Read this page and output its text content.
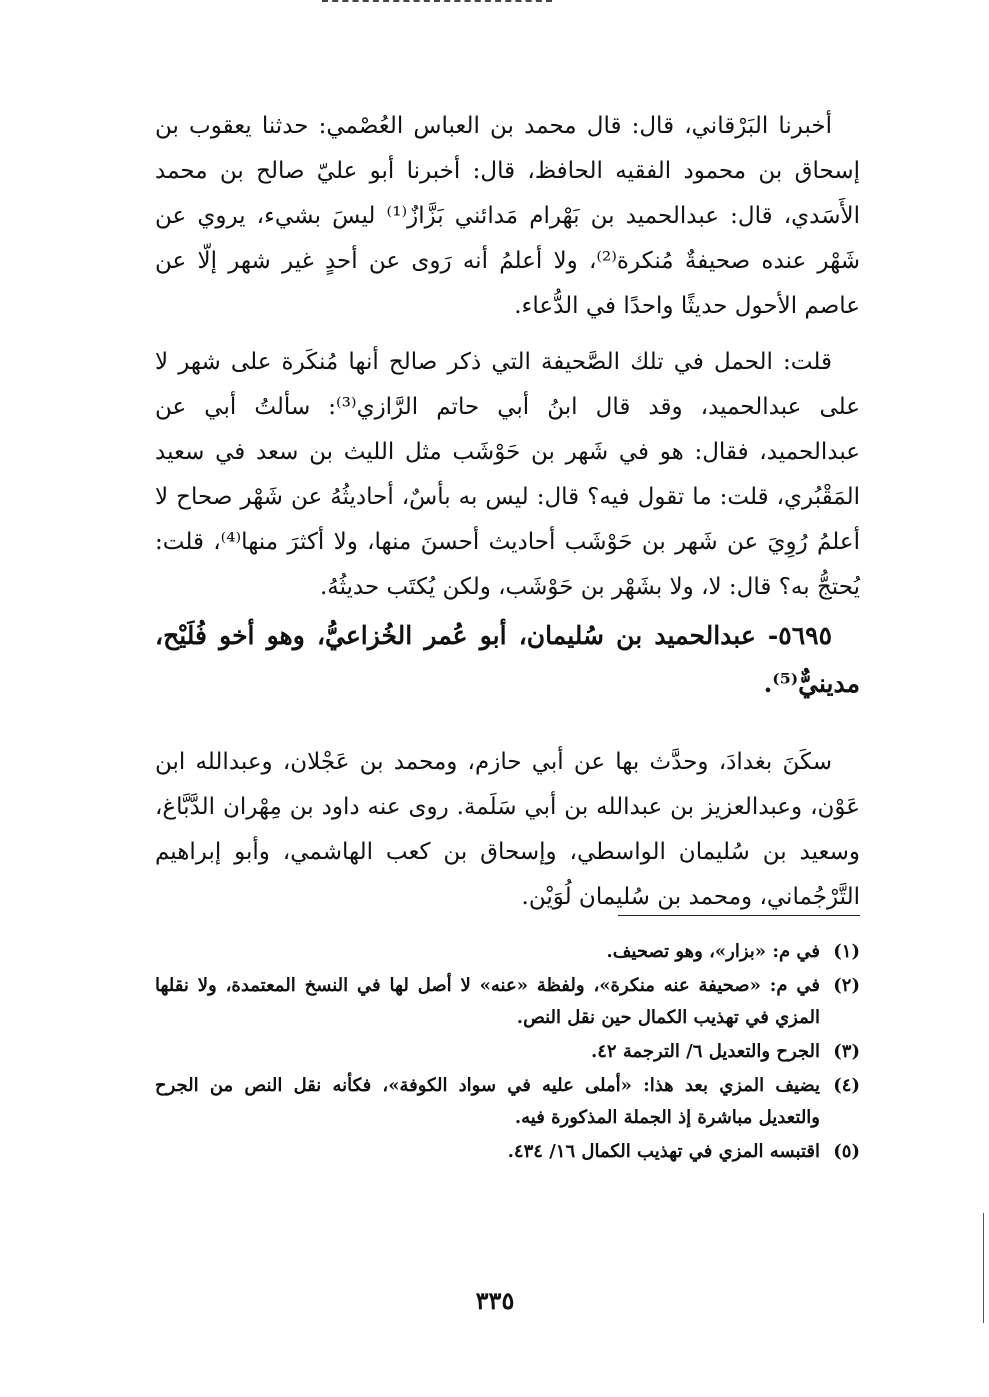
أخبرنا البَرْقاني، قال: قال محمد بن العباس العُصْمي: حدثنا يعقوب بن إسحاق بن محمود الفقيه الحافظ، قال: أخبرنا أبو عليّ صالح بن محمد الأَسَدي، قال: عبدالحميد بن بَهْرام مَدائني بَزَّازٌ⁽¹⁾ ليسَ بشيء، يروي عن شَهْر عنده صحيفةٌ مُنكرة⁽²⁾، ولا أعلمُ أنه رَوى عن أحدٍ غير شهر إلّا عن عاصم الأحول حديثًا واحدًا في الدُّعاء.

قلت: الحمل في تلك الصَّحيفة التي ذكر صالح أنها مُنكَرة على شهر لا على عبدالحميد، وقد قال ابنُ أبي حاتم الرَّازي⁽³⁾: سألتُ أبي عن عبدالحميد، فقال: هو في شَهر بن حَوْشَب مثل الليث بن سعد في سعيد المَقْبُري، قلت: ما تقول فيه؟ قال: ليس به بأسٌ، أحاديثُهُ عن شَهْر صحاح لا أعلمُ رُوِيَ عن شَهر بن حَوْشَب أحاديث أحسنَ منها، ولا أكثرَ منها⁽⁴⁾، قلت: يُحتجُّ به؟ قال: لا، ولا بشَهْر بن حَوْشَب، ولكن يُكتَب حديثُهُ.

٥٦٩٥- عبدالحميد بن سُليمان، أبو عُمر الخُزاعيُّ، وهو أخو فُلَيْح، مدينيٌّ⁽⁵⁾.

سكَنَ بغدادَ، وحدَّث بها عن أبي حازم، ومحمد بن عَجْلان، وعبدالله ابن عَوْن، وعبدالعزيز بن عبدالله بن أبي سَلَمة. روى عنه داود بن مِهْران الدَّبَّاغ، وسعيد بن سُليمان الواسطي، وإسحاق بن كعب الهاشمي، وأبو إبراهيم التَّرْجُماني، ومحمد بن سُليمان لُوَيْن.

(١)
في م: «بزار»، وهو تصحيف.
(٢)
في م: «صحيفة عنه منكرة»، ولفظة «عنه» لا أصل لها في النسخ المعتمدة، ولا نقلها المزي في تهذيب الكمال حين نقل النص.
(٣)
الجرح والتعديل ٦/ الترجمة ٤٢.
(٤)
يضيف المزي بعد هذا: «أملى عليه في سواد الكوفة»، فكأنه نقل النص من الجرح والتعديل مباشرة إذ الجملة المذكورة فيه.
(٥)
اقتبسه المزي في تهذيب الكمال ١٦/ ٤٣٤.
٣٣٥
